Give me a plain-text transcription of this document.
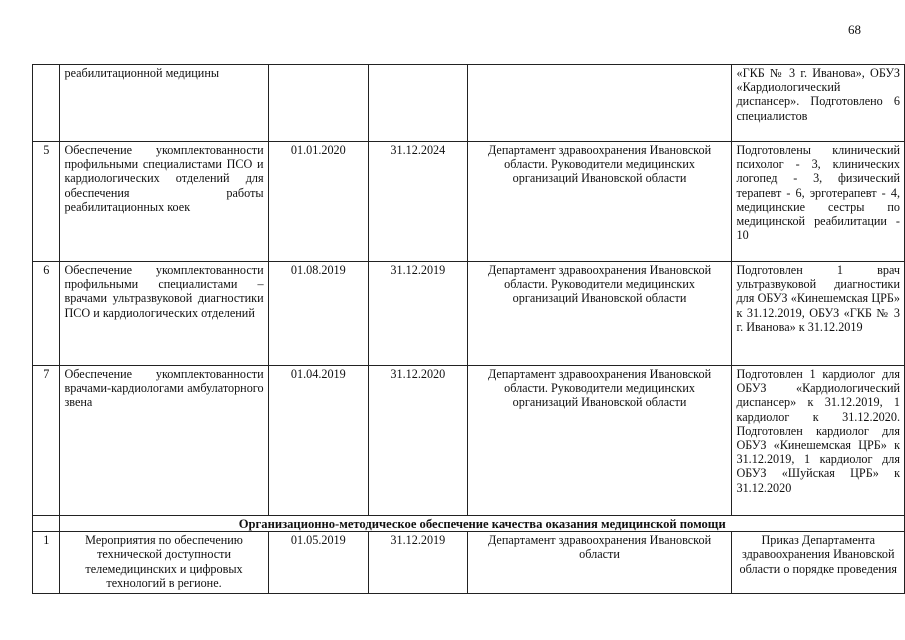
68
	реабилитационной медицины				«ГКБ № 3 г. Иванова», ОБУЗ «Кардиологический диспансер». Подготовлено 6 специалистов
5	Обеспечение укомплектованности профильными специалистами ПСО и кардиологических отделений для обеспечения работы реабилитационных коек	01.01.2020	31.12.2024	Департамент здравоохранения Ивановской области. Руководители медицинских организаций Ивановской области	Подготовлены клинический психолог - 3, клинических логопед - 3, физический терапевт - 6, эрготерапевт - 4, медицинские сестры по медицинской реабилитации - 10
6	Обеспечение укомплектованности профильными специалистами – врачами ультразвуковой диагностики ПСО и кардиологических отделений	01.08.2019	31.12.2019	Департамент здравоохранения Ивановской области. Руководители медицинских организаций Ивановской области	Подготовлен 1 врач ультразвуковой диагностики для ОБУЗ «Кинешемская ЦРБ» к 31.12.2019, ОБУЗ «ГКБ № 3 г. Иванова» к 31.12.2019
7	Обеспечение укомплектованности врачами-кардиологами амбулаторного звена	01.04.2019	31.12.2020	Департамент здравоохранения Ивановской области. Руководители медицинских организаций Ивановской области	Подготовлен 1 кардиолог для ОБУЗ «Кардиологический диспансер» к 31.12.2019, 1 кардиолог к 31.12.2020. Подготовлен кардиолог для ОБУЗ «Кинешемская ЦРБ» к 31.12.2019, 1 кардиолог для ОБУЗ «Шуйская ЦРБ» к 31.12.2020
	Организационно-методическое обеспечение качества оказания медицинской помощи				
1	Мероприятия по обеспечению технической доступности телемедицинских и цифровых технологий в регионе.	01.05.2019	31.12.2019	Департамент здравоохранения Ивановской области	Приказ Департамента здравоохранения Ивановской области о порядке проведения
